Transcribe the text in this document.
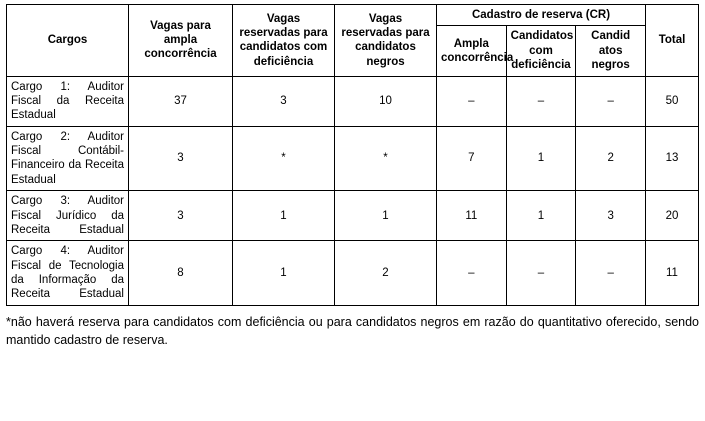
Cargos	Vagas para ampla concorrência	Vagas reservadas para candidatos com deficiência	Vagas reservadas para candidatos negros	Cadastro de reserva (CR)			Total
				Ampla concorrência	Candidatos com deficiência	Candid atos negros	
Cargo 1: Auditor Fiscal da Receita Estadual	37	3	10	–	–	–	50
Cargo 2: Auditor Fiscal Contábil-Financeiro da Receita Estadual	3	*	*	7	1	2	13
Cargo 3: Auditor Fiscal Jurídico da Receita Estadual	3	1	1	11	1	3	20
Cargo 4: Auditor Fiscal de Tecnologia da Informação da Receita Estadual	8	1	2	–	–	–	11

*não haverá reserva para candidatos com deficiência ou para candidatos negros em razão do quantitativo oferecido, sendo mantido cadastro de reserva.
